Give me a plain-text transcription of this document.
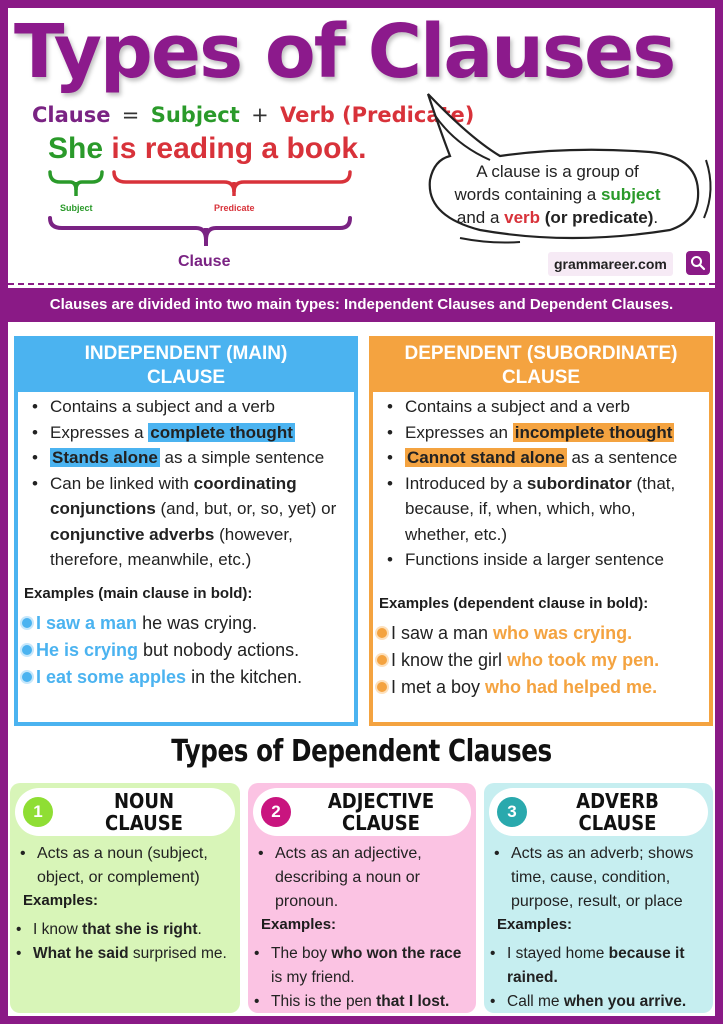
Types of Clauses
Clause = Subject + Verb (Predicate)
She is reading a book.
Subject	Predicate
Clause
A clause is a group of
words containing a subject
and a verb (or predicate).
grammareer.com
Clauses are divided into two main types: Independent Clauses and Dependent Clauses.
INDEPENDENT (MAIN)
CLAUSE
• Contains a subject and a verb
• Expresses a complete thought
• Stands alone as a simple sentence
• Can be linked with coordinating conjunctions (and, but, or, so, yet) or conjunctive adverbs (however, therefore, meanwhile, etc.)
Examples (main clause in bold):
I saw a man he was crying.
He is crying but nobody actions.
I eat some apples in the kitchen.
DEPENDENT (SUBORDINATE)
CLAUSE
• Contains a subject and a verb
• Expresses an incomplete thought
• Cannot stand alone as a sentence
• Introduced by a subordinator (that, because, if, when, which, who, whether, etc.)
• Functions inside a larger sentence
Examples (dependent clause in bold):
I saw a man who was crying.
I know the girl who took my pen.
I met a boy who had helped me.
Types of Dependent Clauses
1	NOUN
CLAUSE
• Acts as a noun (subject, object, or complement)
Examples:
• I know that she is right.
• What he said surprised me.
2	ADJECTIVE
CLAUSE
• Acts as an adjective, describing a noun or pronoun.
Examples:
• The boy who won the race is my friend.
• This is the pen that I lost.
3	ADVERB
CLAUSE
• Acts as an adverb; shows time, cause, condition, purpose, result, or place
Examples:
• I stayed home because it rained.
• Call me when you arrive.
